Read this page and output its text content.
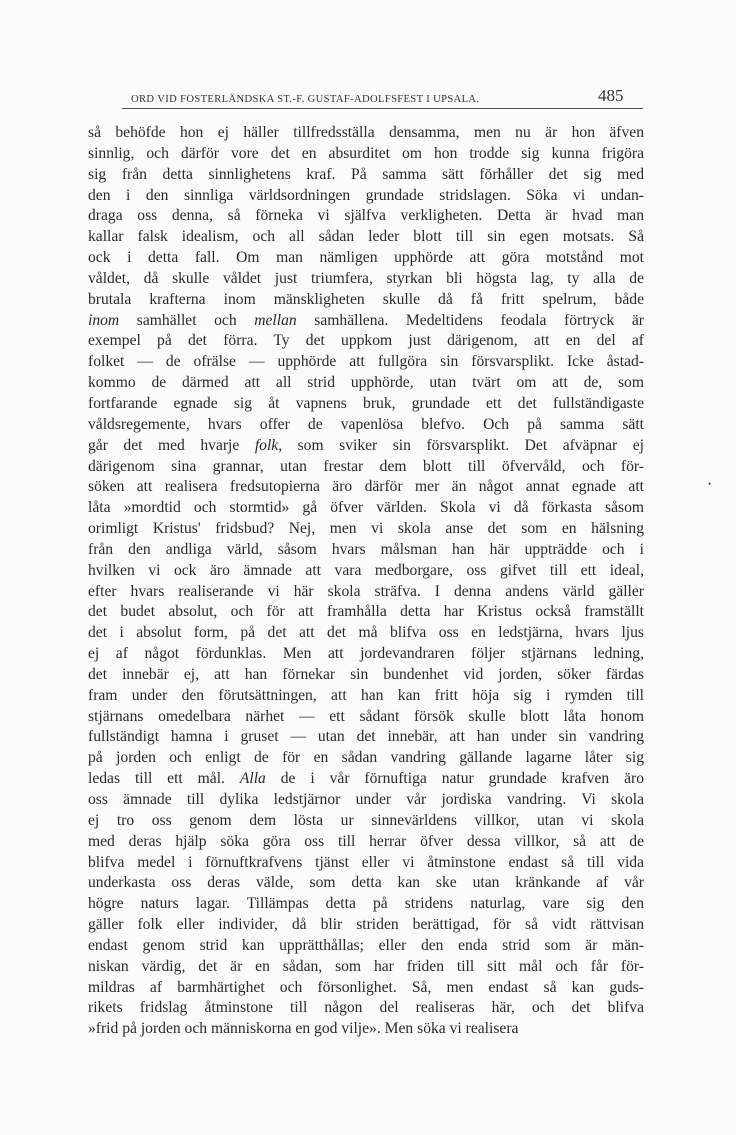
ORD VID FOSTERLÄNDSKA ST.-F. GUSTAF-ADOLFSFEST I UPSALA.	485
så behöfde hon ej häller tillfredsställa densamma, men nu är hon äfven
sinnlig, och därför vore det en absurditet om hon trodde sig kunna frigöra
sig från detta sinnlighetens kraf. På samma sätt förhåller det sig med
den i den sinnliga världsordningen grundade stridslagen. Söka vi undan-
draga oss denna, så förneka vi själfva verkligheten. Detta är hvad man
kallar falsk idealism, och all sådan leder blott till sin egen motsats. Så
ock i detta fall. Om man nämligen upphörde att göra motstånd mot
våldet, då skulle våldet just triumfera, styrkan bli högsta lag, ty alla de
brutala krafterna inom mänskligheten skulle då få fritt spelrum, både
inom samhället och mellan samhällena. Medeltidens feodala förtryck är
exempel på det förra. Ty det uppkom just därigenom, att en del af
folket — de ofrälse — upphörde att fullgöra sin försvarsplikt. Icke åstad-
kommo de därmed att all strid upphörde, utan tvärt om att de, som
fortfarande egnade sig åt vapnens bruk, grundade ett det fullständigaste
våldsregemente, hvars offer de vapenlösa blefvo. Och på samma sätt
går det med hvarje folk, som sviker sin försvarsplikt. Det afväpnar ej
därigenom sina grannar, utan frestar dem blott till öfvervåld, och för-
söken att realisera fredsutopierna äro därför mer än något annat egnade att
låta »mordtid och stormtid» gå öfver världen. Skola vi då förkasta såsom
orimligt Kristus' fridsbud? Nej, men vi skola anse det som en hälsning
från den andliga värld, såsom hvars målsman han här uppträdde och i
hvilken vi ock äro ämnade att vara medborgare, oss gifvet till ett ideal,
efter hvars realiserande vi här skola sträfva. I denna andens värld gäller
det budet absolut, och för att framhålla detta har Kristus också framställt
det i absolut form, på det att det må blifva oss en ledstjärna, hvars ljus
ej af något fördunklas. Men att jordevandraren följer stjärnans ledning,
det innebär ej, att han förnekar sin bundenhet vid jorden, söker färdas
fram under den förutsättningen, att han kan fritt höja sig i rymden till
stjärnans omedelbara närhet — ett sådant försök skulle blott låta honom
fullständigt hamna i gruset — utan det innebär, att han under sin vandring
på jorden och enligt de för en sådan vandring gällande lagarne låter sig
ledas till ett mål. Alla de i vår förnuftiga natur grundade krafven äro
oss ämnade till dylika ledstjärnor under vår jordiska vandring. Vi skola
ej tro oss genom dem lösta ur sinnevärldens villkor, utan vi skola
med deras hjälp söka göra oss till herrar öfver dessa villkor, så att de
blifva medel i förnuftkrafvens tjänst eller vi åtminstone endast så till vida
underkasta oss deras välde, som detta kan ske utan kränkande af vår
högre naturs lagar. Tillämpas detta på stridens naturlag, vare sig den
gäller folk eller individer, då blir striden berättigad, för så vidt rättvisan
endast genom strid kan upprätthållas; eller den enda strid som är män-
niskan värdig, det är en sådan, som har friden till sitt mål och får för-
mildras af barmhärtighet och försonlighet. Så, men endast så kan guds-
rikets fridslag åtminstone till någon del realiseras här, och det blifva
»frid på jorden och människorna en god vilje». Men söka vi realisera
•
